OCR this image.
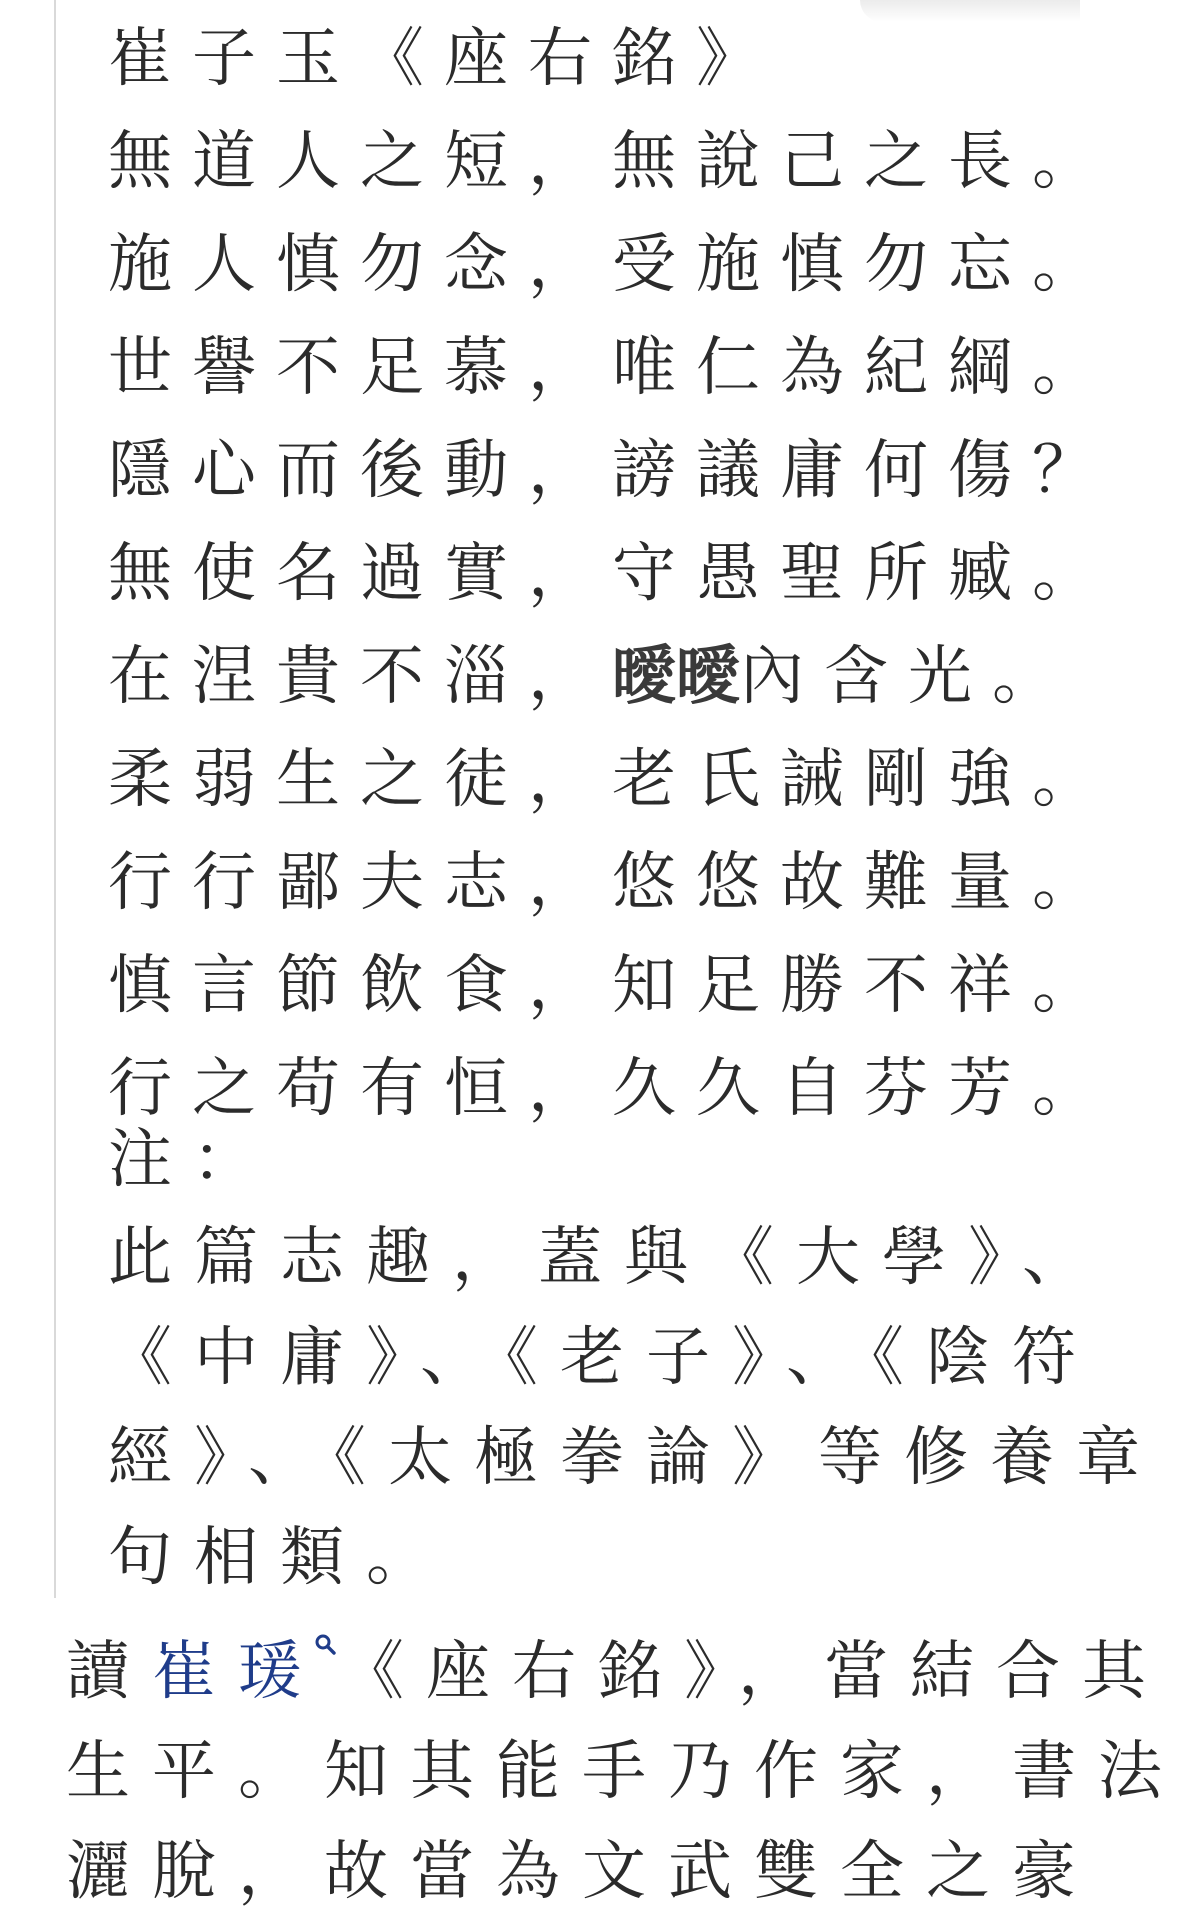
崔子玉《座右銘》
無道人之短，無說己之長。
施人慎勿念，受施慎勿忘。
世譽不足慕，唯仁為紀綱。
隱心而後動，謗議庸何傷？
無使名過實，守愚聖所臧。
在涅貴不淄，曖曖內含光。
柔弱生之徒，老氏誡剛強。
行行鄙夫志，悠悠故難量。
慎言節飲食，知足勝不祥。
行之苟有恒，久久自芬芳。
注：
此篇志趣，蓋與《大學》、
《中庸》、《老子》、《陰符
經》、《太極拳論》等修養章
句相類。
讀崔瑗 《座右銘》，當結合其
生平。知其能手乃作家，書法
灑脫，故當為文武雙全之豪
